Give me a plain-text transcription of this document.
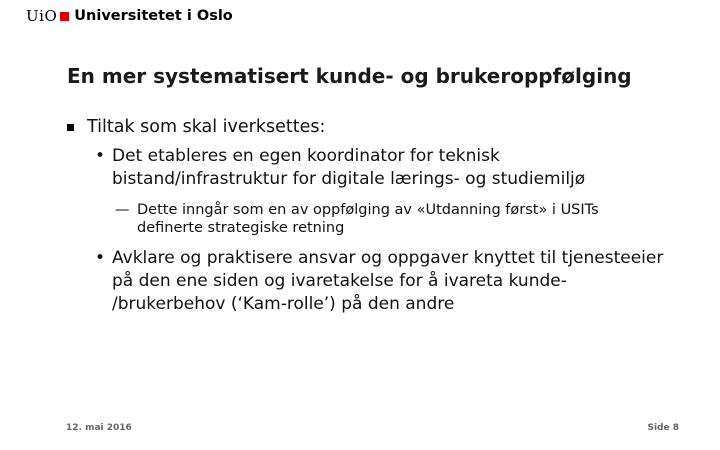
UiO Universitetet i Oslo
En mer systematisert kunde- og brukeroppfølging
Tiltak som skal iverksettes:
• Det etableres en egen koordinator for teknisk
bistand/infrastruktur for digitale lærings- og studiemiljø
— Dette inngår som en av oppfølging av «Utdanning først» i USITs
definerte strategiske retning
• Avklare og praktisere ansvar og oppgaver knyttet til tjenesteeier
på den ene siden og ivaretakelse for å ivareta kunde-
/brukerbehov (‘Kam-rolle’) på den andre
12. mai 2016	Side 8
